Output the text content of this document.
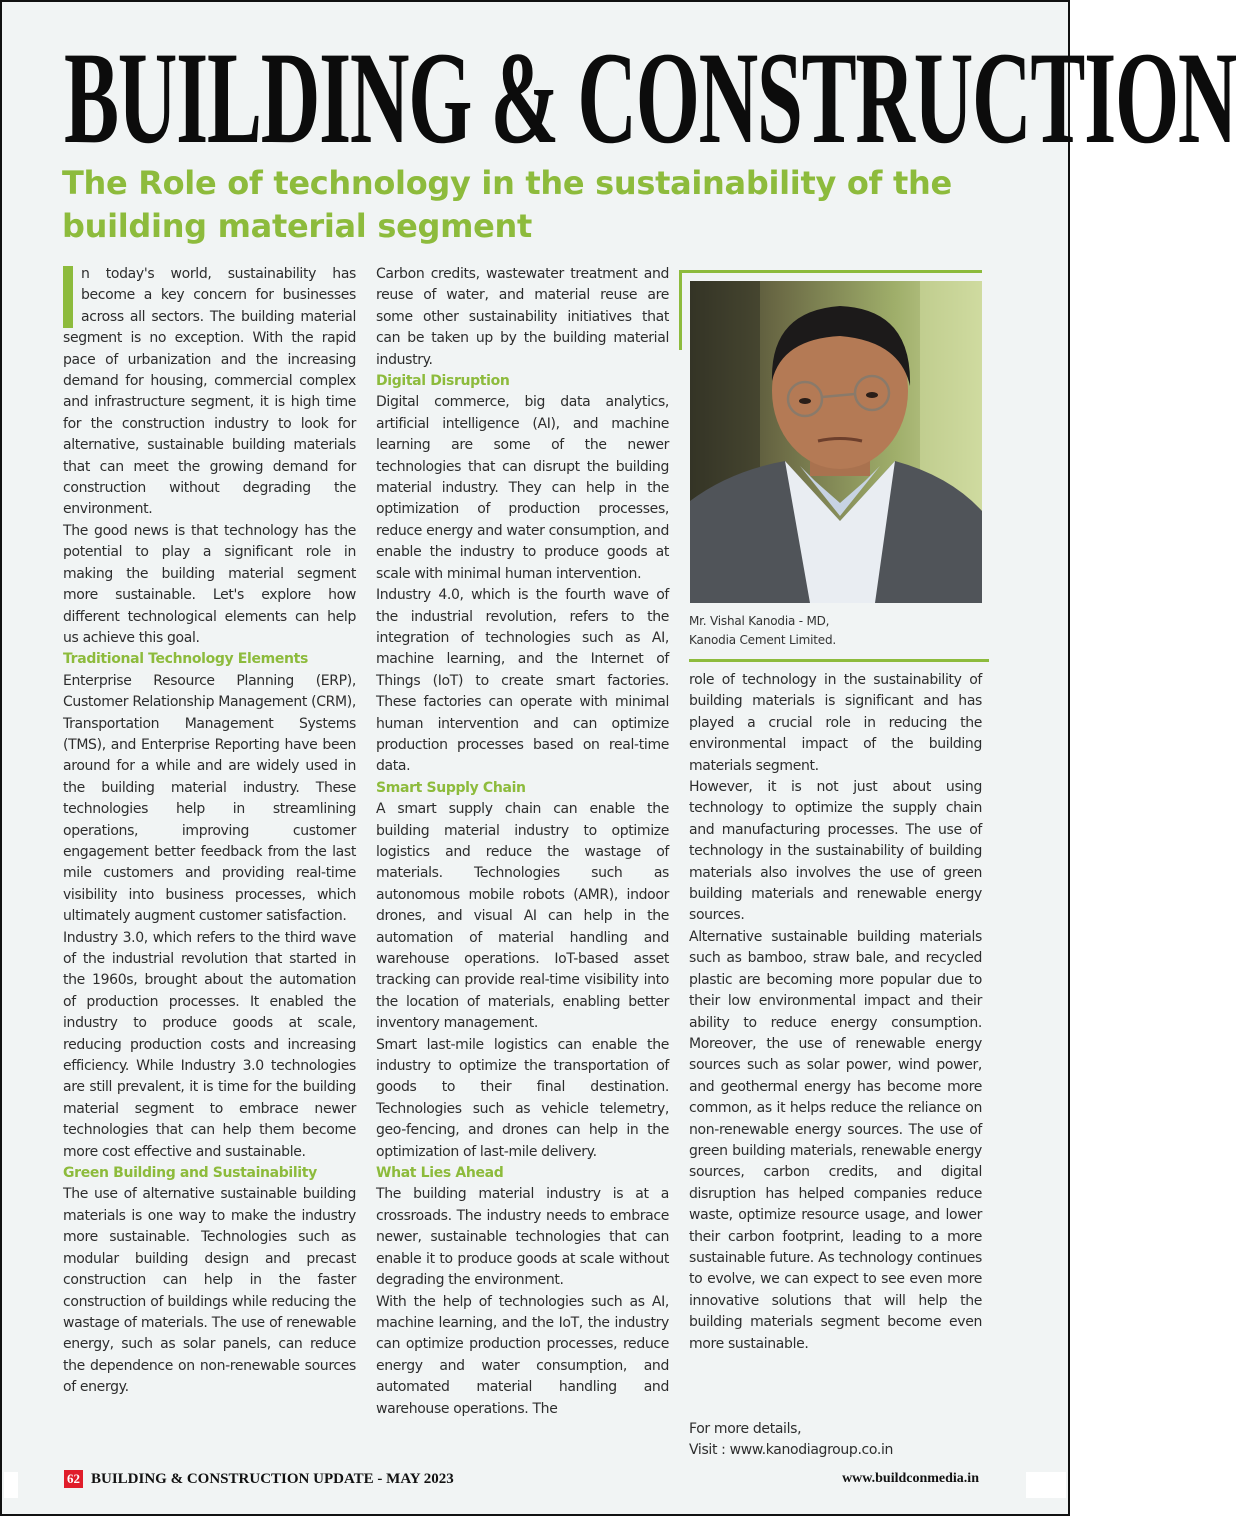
BUILDING & CONSTRUCTION
The Role of technology in the sustainability of the building material segment

n today's world, sustainability has become a key concern for businesses across all sectors. The building material segment is no exception. With the rapid pace of urbanization and the increasing demand for housing, commercial complex and infrastructure segment, it is high time for the construction industry to look for alternative, sustainable building materials that can meet the growing demand for construction without degrading the environment.

The good news is that technology has the potential to play a significant role in making the building material segment more sustainable. Let's explore how different technological elements can help us achieve this goal.

Traditional Technology Elements

Enterprise Resource Planning (ERP), Customer Relationship Management (CRM), Transportation Management Systems (TMS), and Enterprise Reporting have been around for a while and are widely used in the building material industry. These technologies help in streamlining operations, improving customer engagement better feedback from the last mile customers and providing real-time visibility into business processes, which ultimately augment customer satisfaction.

Industry 3.0, which refers to the third wave of the industrial revolution that started in the 1960s, brought about the automation of production processes. It enabled the industry to produce goods at scale, reducing production costs and increasing efficiency. While Industry 3.0 technologies are still prevalent, it is time for the building material segment to embrace newer technologies that can help them become more cost effective and sustainable.

Green Building and Sustainability

The use of alternative sustainable building materials is one way to make the industry more sustainable. Technologies such as modular building design and precast construction can help in the faster construction of buildings while reducing the wastage of materials. The use of renewable energy, such as solar panels, can reduce the dependence on non-renewable sources of energy.

Carbon credits, wastewater treatment and reuse of water, and material reuse are some other sustainability initiatives that can be taken up by the building material industry.

Digital Disruption

Digital commerce, big data analytics, artificial intelligence (AI), and machine learning are some of the newer technologies that can disrupt the building material industry. They can help in the optimization of production processes, reduce energy and water consumption, and enable the industry to produce goods at scale with minimal human intervention.

Industry 4.0, which is the fourth wave of the industrial revolution, refers to the integration of technologies such as AI, machine learning, and the Internet of Things (IoT) to create smart factories. These factories can operate with minimal human intervention and can optimize production processes based on real-time data.

Smart Supply Chain

A smart supply chain can enable the building material industry to optimize logistics and reduce the wastage of materials. Technologies such as autonomous mobile robots (AMR), indoor drones, and visual AI can help in the automation of material handling and warehouse operations. IoT-based asset tracking can provide real-time visibility into the location of materials, enabling better inventory management.

Smart last-mile logistics can enable the industry to optimize the transportation of goods to their final destination. Technologies such as vehicle telemetry, geo-fencing, and drones can help in the optimization of last-mile delivery.

What Lies Ahead

The building material industry is at a crossroads. The industry needs to embrace newer, sustainable technologies that can enable it to produce goods at scale without degrading the environment.

With the help of technologies such as AI, machine learning, and the IoT, the industry can optimize production processes, reduce energy and water consumption, and automated material handling and warehouse operations. The

Mr. Vishal Kanodia - MD,
Kanodia Cement Limited.

role of technology in the sustainability of building materials is significant and has played a crucial role in reducing the environmental impact of the building materials segment.

However, it is not just about using technology to optimize the supply chain and manufacturing processes. The use of technology in the sustainability of building materials also involves the use of green building materials and renewable energy sources.

Alternative sustainable building materials such as bamboo, straw bale, and recycled plastic are becoming more popular due to their low environmental impact and their ability to reduce energy consumption. Moreover, the use of renewable energy sources such as solar power, wind power, and geothermal energy has become more common, as it helps reduce the reliance on non-renewable energy sources. The use of green building materials, renewable energy sources, carbon credits, and digital disruption has helped companies reduce waste, optimize resource usage, and lower their carbon footprint, leading to a more sustainable future. As technology continues to evolve, we can expect to see even more innovative solutions that will help the building materials segment become even more sustainable.

For more details,
Visit : www.kanodiagroup.co.in
62 BUILDING & CONSTRUCTION UPDATE - MAY 2023	www.buildconmedia.in
